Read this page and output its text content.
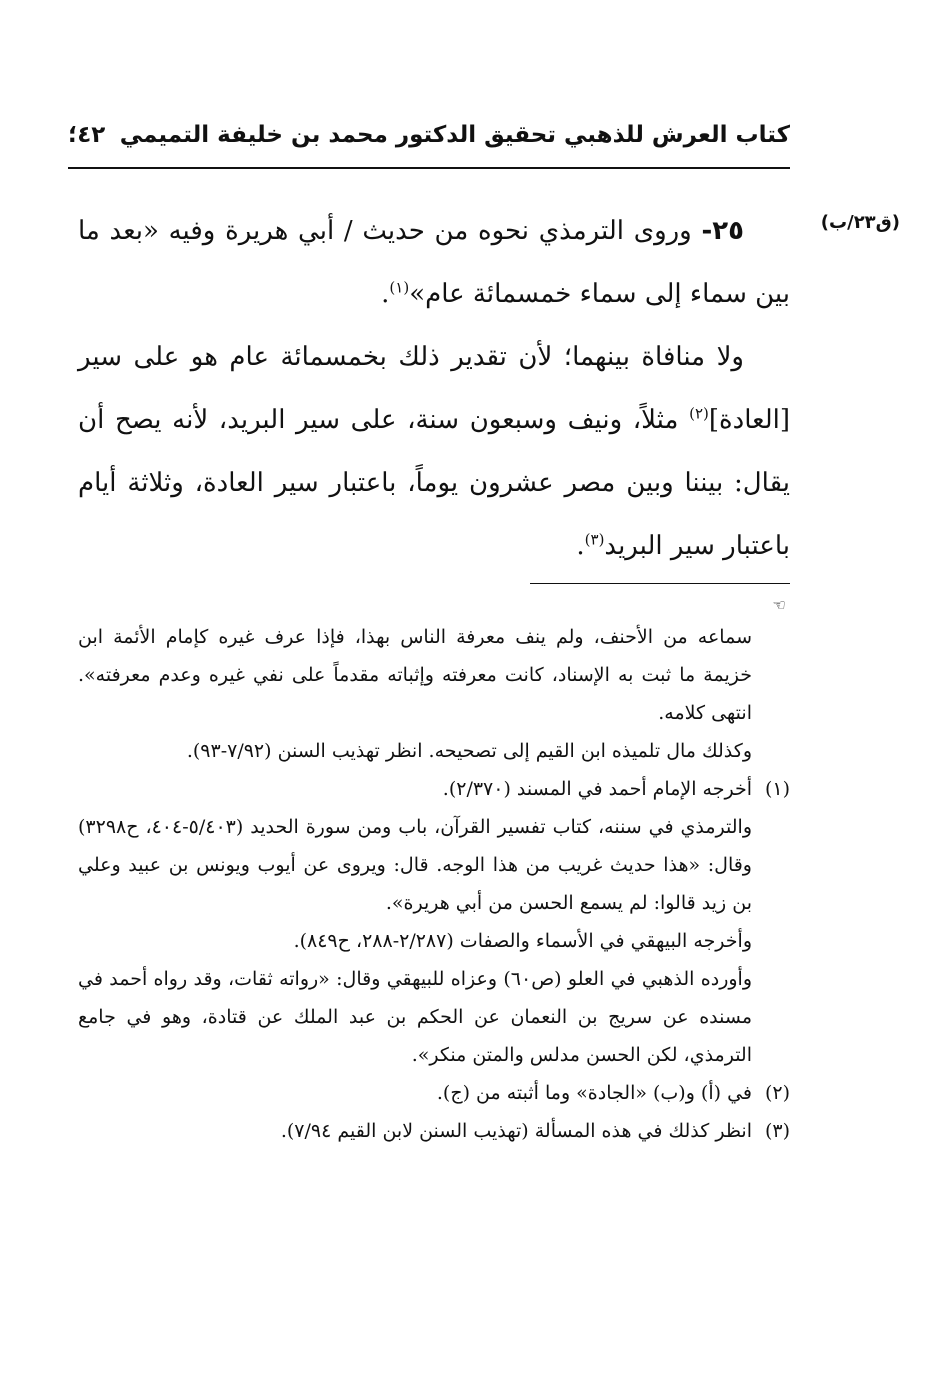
كتاب العرش للذهبي تحقيق الدكتور محمد بن خليفة التميمي
٤٢؛
(ق٢٣/ب)

٢٥- وروى الترمذي نحوه من حديث / أبي هريرة وفيه «بعد ما بين سماء إلى سماء خمسمائة عام»$^{(١)}$.

ولا منافاة بينهما؛ لأن تقدير ذلك بخمسمائة عام هو على سير [العادة]$^{(٢)}$ مثلاً، ونيف وسبعون سنة، على سير البريد، لأنه يصح أن يقال: بيننا وبين مصر عشرون يوماً، باعتبار سير العادة، وثلاثة أيام باعتبار سير البريد$^{(٣)}$.

☜

سماعه من الأحنف، ولم ينف معرفة الناس بهذا، فإذا عرف غيره كإمام الأئمة ابن خزيمة ما ثبت به الإسناد، كانت معرفته وإثباته مقدماً على نفي غيره وعدم معرفته». انتهى كلامه.

وكذلك مال تلميذه ابن القيم إلى تصحيحه. انظر تهذيب السنن (٧/٩٢-٩٣).

(١)أخرجه الإمام أحمد في المسند (٢/٣٧٠).

والترمذي في سننه، كتاب تفسير القرآن، باب ومن سورة الحديد (٥/٤٠٣-٤٠٤، ح٣٢٩٨) وقال: «هذا حديث غريب من هذا الوجه. قال: ويروى عن أيوب ويونس بن عبيد وعلي بن زيد قالوا: لم يسمع الحسن من أبي هريرة».

وأخرجه البيهقي في الأسماء والصفات (٢/٢٨٧-٢٨٨، ح٨٤٩).

وأورده الذهبي في العلو (ص٦٠) وعزاه للبيهقي وقال: «رواته ثقات، وقد رواه أحمد في مسنده عن سريج بن النعمان عن الحكم بن عبد الملك عن قتادة، وهو في جامع الترمذي، لكن الحسن مدلس والمتن منكر».

(٢)في (أ) و(ب) «الجادة» وما أثبته من (ج).

(٣)انظر كذلك في هذه المسألة (تهذيب السنن لابن القيم ٧/٩٤).
